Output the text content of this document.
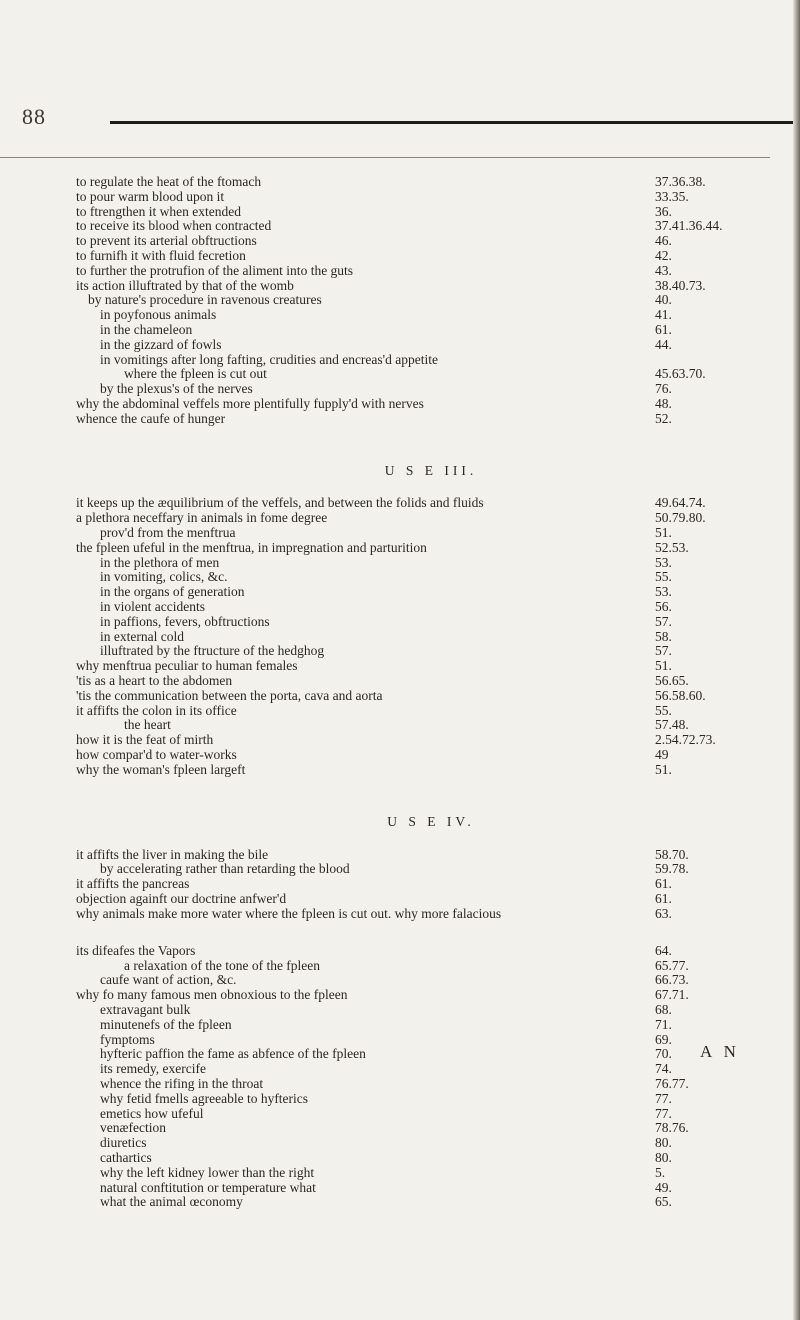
88
to regulate the heat of the ftomach	37.36.38.
to pour warm blood upon it	33.35.
to ftrengthen it when extended	36.
to receive its blood when contracted	37.41.36.44.
to prevent its arterial obftructions	46.
to furnifh it with fluid fecretion	42.
to further the protrufion of the aliment into the guts	43.
its action illuftrated by that of the womb	38.40.73.
by nature's procedure in ravenous creatures	40.
in poyfonous animals	41.
in the chameleon	61.
in the gizzard of fowls	44.
in vomitings after long fafting, crudities and encreas'd appetite
where the fpleen is cut out	45.63.70.
by the plexus's of the nerves	76.
why the abdominal veffels more plentifully fupply'd with nerves	48.
whence the caufe of hunger	52.
U S E III.
it keeps up the æquilibrium of the veffels, and between the folids and fluids	49.64.74.
a plethora neceffary in animals in fome degree	50.79.80.
prov'd from the menftrua	51.
the fpleen ufeful in the menftrua, in impregnation and parturition	52.53.
in the plethora of men	53.
in vomiting, colics, &c.	55.
in the organs of generation	53.
in violent accidents	56.
in paffions, fevers, obftructions	57.
in external cold	58.
illuftrated by the ftructure of the hedghog	57.
why menftrua peculiar to human females	51.
'tis as a heart to the abdomen	56.65.
'tis the communication between the porta, cava and aorta	56.58.60.
it affifts the colon in its office	55.
the heart	57.48.
how it is the feat of mirth	2.54.72.73.
how compar'd to water-works	49
why the woman's fpleen largeft	51.
U S E IV.
it affifts the liver in making the bile	58.70.
by accelerating rather than retarding the blood	59.78.
it affifts the pancreas	61.
objection againft our doctrine anfwer'd	61.
why animals make more water where the fpleen is cut out. why more falacious	63.
its difeafes the Vapors	64.
a relaxation of the tone of the fpleen	65.77.
caufe want of action, &c.	66.73.
why fo many famous men obnoxious to the fpleen	67.71.
extravagant bulk	68.
minutenefs of the fpleen	71.
fymptoms	69.
hyfteric paffion the fame as abfence of the fpleen	70.
its remedy, exercife	74.
whence the rifing in the throat	76.77.
why fetid fmells agreeable to hyfterics	77.
emetics how ufeful	77.
venæfection	78.76.
diuretics	80.
cathartics	80.
why the left kidney lower than the right	5.
natural conftitution or temperature what	49.
what the animal œconomy	65.
A N
